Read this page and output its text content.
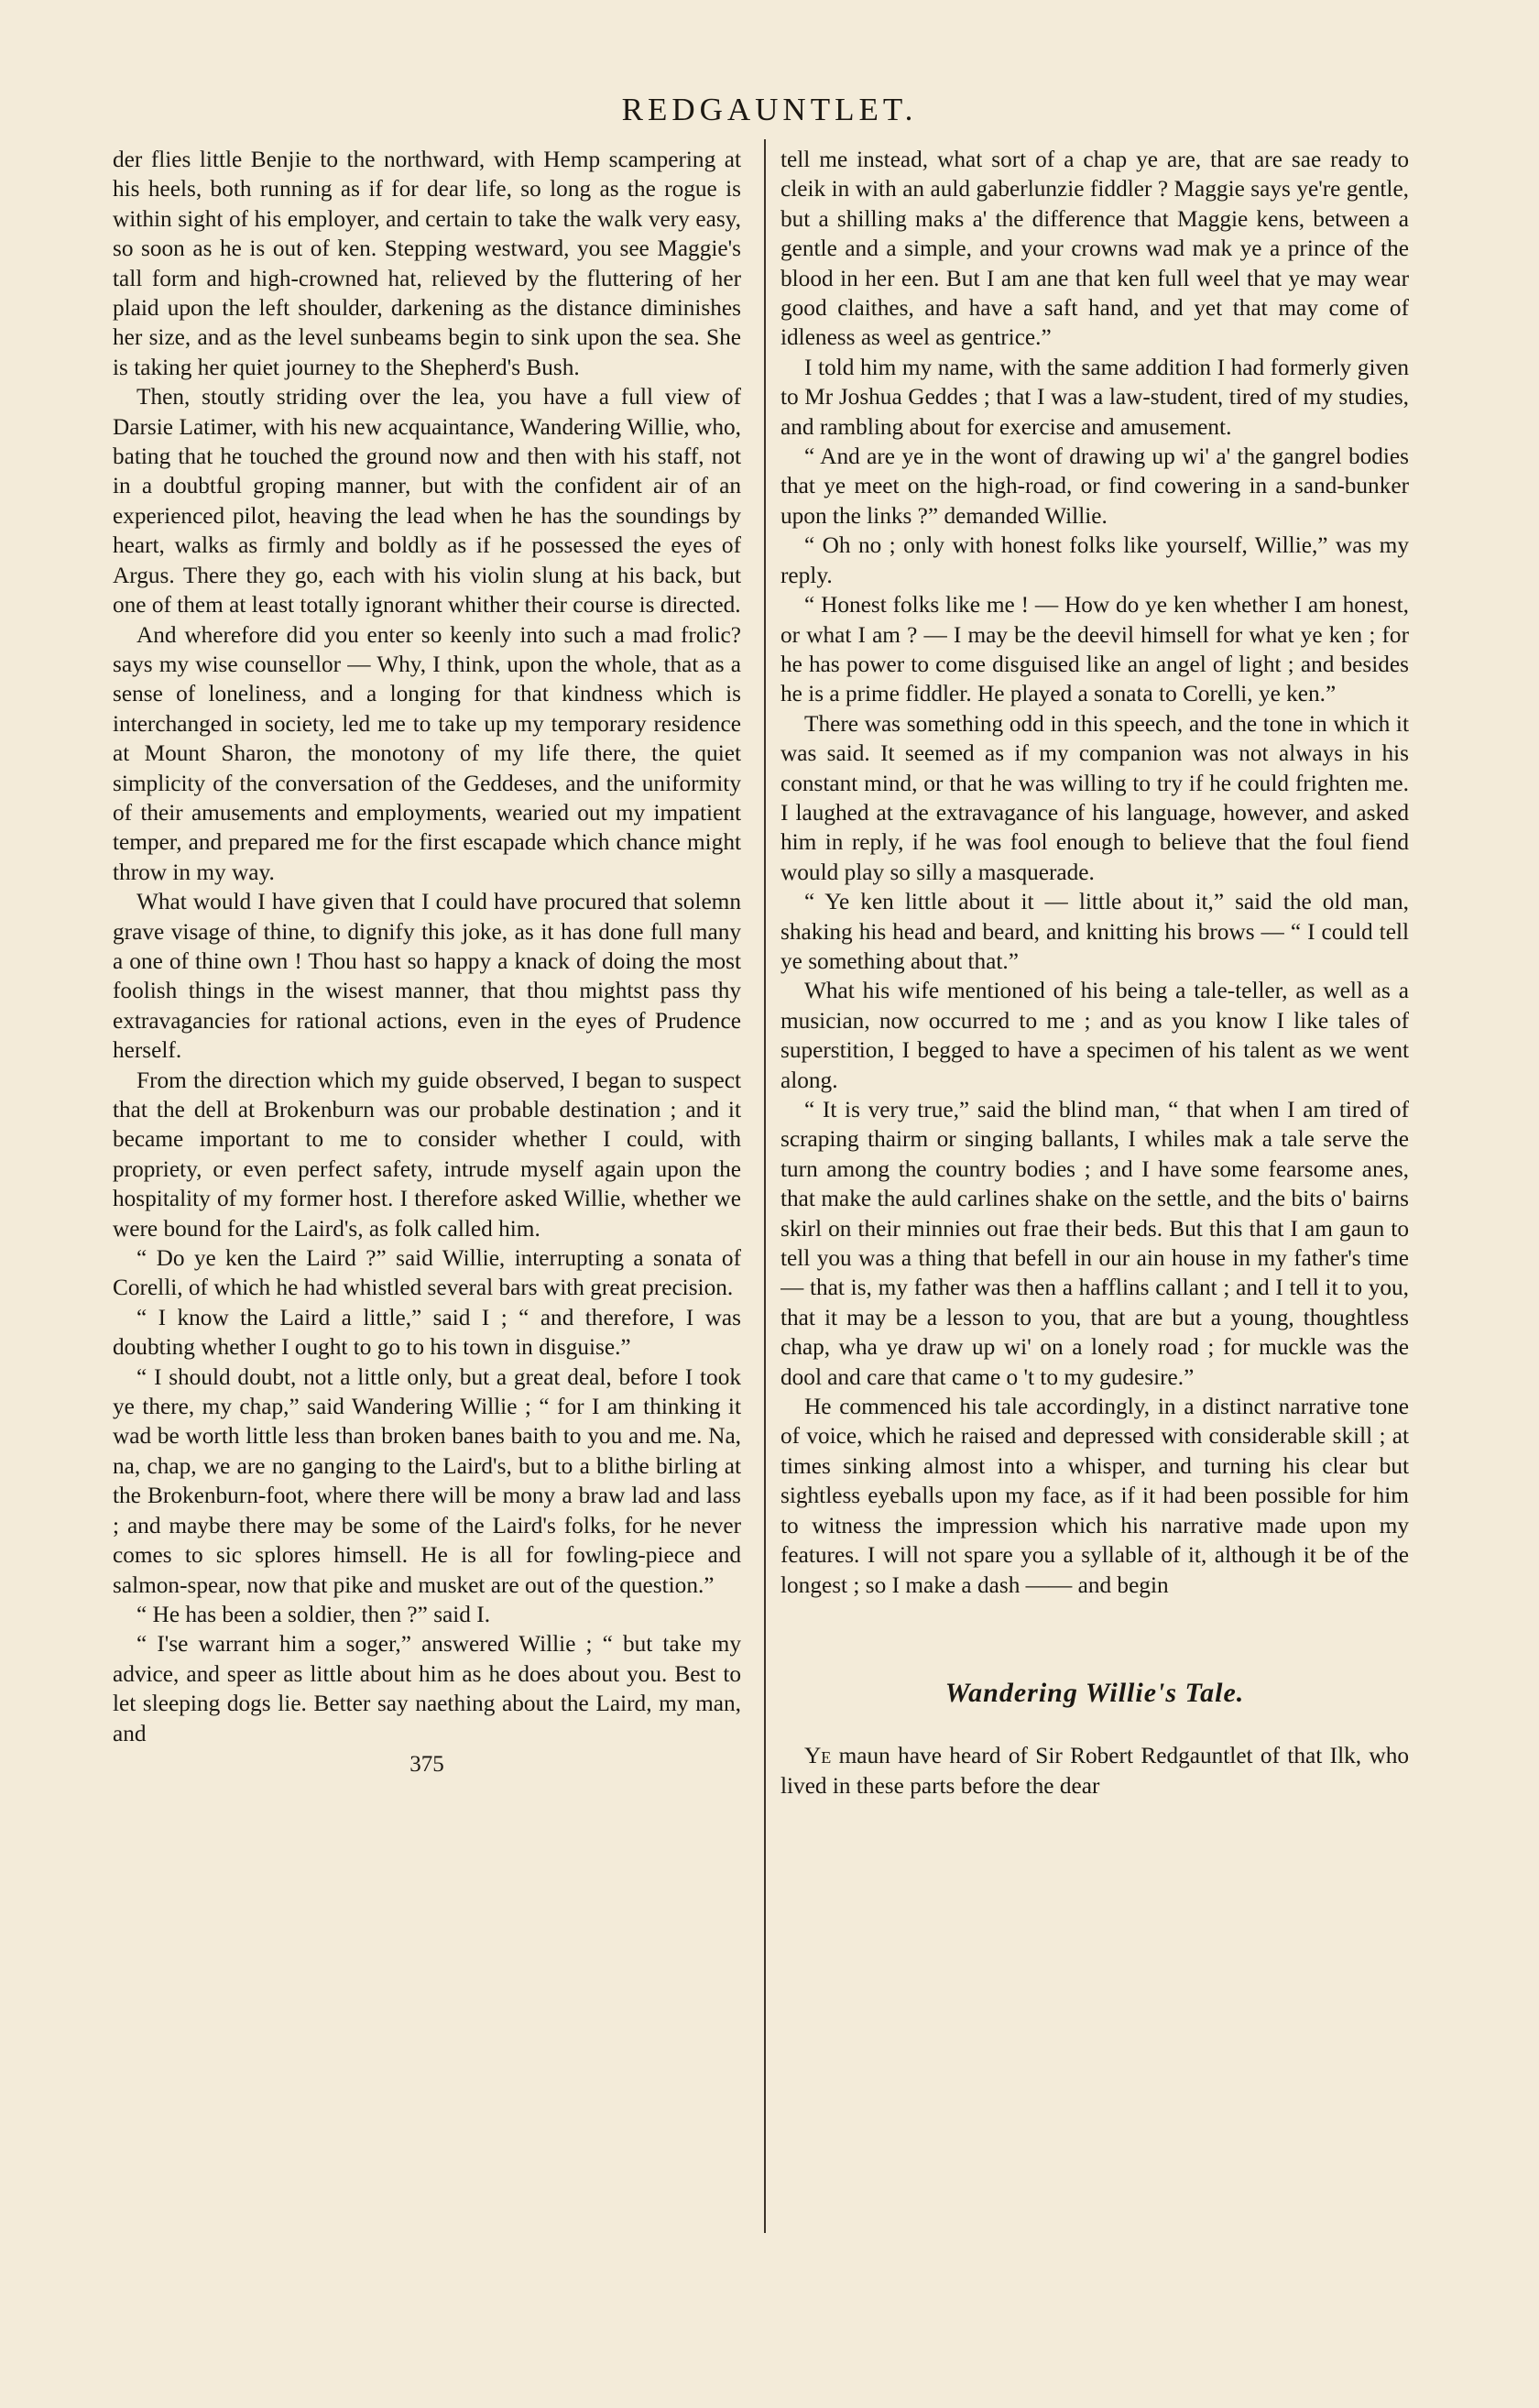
REDGAUNTLET.

der flies little Benjie to the northward, with Hemp scampering at his heels, both running as if for dear life, so long as the rogue is within sight of his employer, and certain to take the walk very easy, so soon as he is out of ken. Stepping westward, you see Maggie's tall form and high-crowned hat, relieved by the fluttering of her plaid upon the left shoulder, darkening as the distance diminishes her size, and as the level sunbeams begin to sink upon the sea. She is taking her quiet journey to the Shepherd's Bush.

Then, stoutly striding over the lea, you have a full view of Darsie Latimer, with his new acquaintance, Wandering Willie, who, bating that he touched the ground now and then with his staff, not in a doubtful groping manner, but with the confident air of an experienced pilot, heaving the lead when he has the soundings by heart, walks as firmly and boldly as if he possessed the eyes of Argus. There they go, each with his violin slung at his back, but one of them at least totally ignorant whither their course is directed.

And wherefore did you enter so keenly into such a mad frolic? says my wise counsellor — Why, I think, upon the whole, that as a sense of loneliness, and a longing for that kindness which is interchanged in society, led me to take up my temporary residence at Mount Sharon, the monotony of my life there, the quiet simplicity of the conversation of the Geddeses, and the uniformity of their amusements and employments, wearied out my impatient temper, and prepared me for the first escapade which chance might throw in my way.

What would I have given that I could have procured that solemn grave visage of thine, to dignify this joke, as it has done full many a one of thine own ! Thou hast so happy a knack of doing the most foolish things in the wisest manner, that thou mightst pass thy extravagancies for rational actions, even in the eyes of Prudence herself.

From the direction which my guide observed, I began to suspect that the dell at Brokenburn was our probable destination ; and it became important to me to consider whether I could, with propriety, or even perfect safety, intrude myself again upon the hospitality of my former host. I therefore asked Willie, whether we were bound for the Laird's, as folk called him.

“ Do ye ken the Laird ?” said Willie, interrupting a sonata of Corelli, of which he had whistled several bars with great precision.

“ I know the Laird a little,” said I ; “ and therefore, I was doubting whether I ought to go to his town in disguise.”

“ I should doubt, not a little only, but a great deal, before I took ye there, my chap,” said Wandering Willie ; “ for I am thinking it wad be worth little less than broken banes baith to you and me. Na, na, chap, we are no ganging to the Laird's, but to a blithe birling at the Brokenburn-foot, where there will be mony a braw lad and lass ; and maybe there may be some of the Laird's folks, for he never comes to sic splores himsell. He is all for fowling-piece and salmon-spear, now that pike and musket are out of the question.”

“ He has been a soldier, then ?” said I.

“ I'se warrant him a soger,” answered Willie ; “ but take my advice, and speer as little about him as he does about you. Best to let sleeping dogs lie. Better say naething about the Laird, my man, and

375

tell me instead, what sort of a chap ye are, that are sae ready to cleik in with an auld gaberlunzie fiddler ? Maggie says ye're gentle, but a shilling maks a' the difference that Maggie kens, between a gentle and a simple, and your crowns wad mak ye a prince of the blood in her een. But I am ane that ken full weel that ye may wear good claithes, and have a saft hand, and yet that may come of idleness as weel as gentrice.”

I told him my name, with the same addition I had formerly given to Mr Joshua Geddes ; that I was a law-student, tired of my studies, and rambling about for exercise and amusement.

“ And are ye in the wont of drawing up wi' a' the gangrel bodies that ye meet on the high-road, or find cowering in a sand-bunker upon the links ?” demanded Willie.

“ Oh no ; only with honest folks like yourself, Willie,” was my reply.

“ Honest folks like me ! — How do ye ken whether I am honest, or what I am ? — I may be the deevil himsell for what ye ken ; for he has power to come disguised like an angel of light ; and besides he is a prime fiddler. He played a sonata to Corelli, ye ken.”

There was something odd in this speech, and the tone in which it was said. It seemed as if my companion was not always in his constant mind, or that he was willing to try if he could frighten me. I laughed at the extravagance of his language, however, and asked him in reply, if he was fool enough to believe that the foul fiend would play so silly a masquerade.

“ Ye ken little about it — little about it,” said the old man, shaking his head and beard, and knitting his brows — “ I could tell ye something about that.”

What his wife mentioned of his being a tale-teller, as well as a musician, now occurred to me ; and as you know I like tales of superstition, I begged to have a specimen of his talent as we went along.

“ It is very true,” said the blind man, “ that when I am tired of scraping thairm or singing ballants, I whiles mak a tale serve the turn among the country bodies ; and I have some fearsome anes, that make the auld carlines shake on the settle, and the bits o' bairns skirl on their minnies out frae their beds. But this that I am gaun to tell you was a thing that befell in our ain house in my father's time — that is, my father was then a hafflins callant ; and I tell it to you, that it may be a lesson to you, that are but a young, thoughtless chap, wha ye draw up wi' on a lonely road ; for muckle was the dool and care that came o 't to my gudesire.”

He commenced his tale accordingly, in a distinct narrative tone of voice, which he raised and depressed with considerable skill ; at times sinking almost into a whisper, and turning his clear but sightless eyeballs upon my face, as if it had been possible for him to witness the impression which his narrative made upon my features. I will not spare you a syllable of it, although it be of the longest ; so I make a dash —— and begin

Wandering Willie's Tale.

Ye maun have heard of Sir Robert Redgauntlet of that Ilk, who lived in these parts before the dear
